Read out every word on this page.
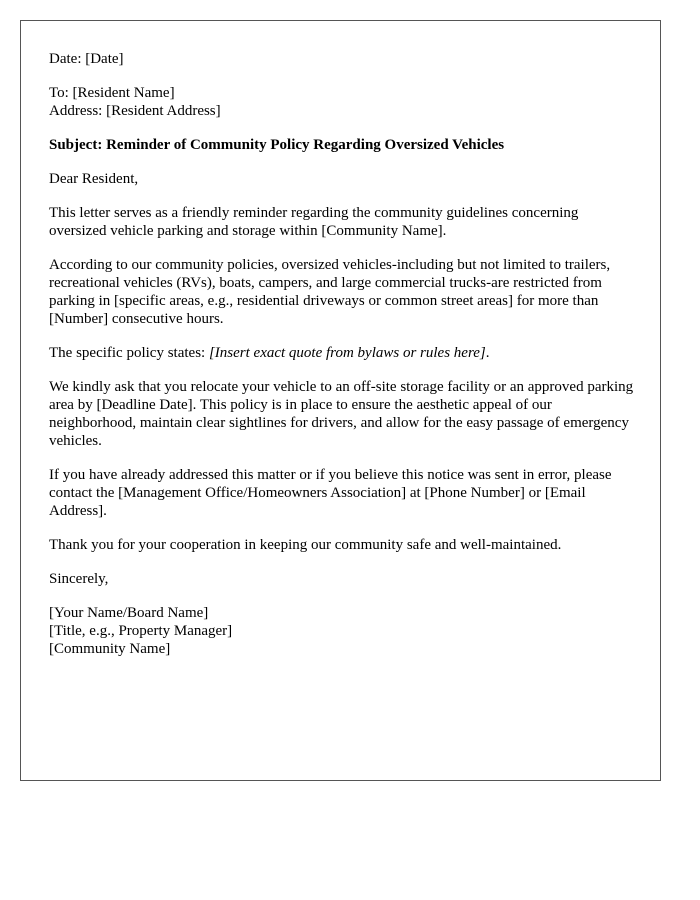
Date: [Date]

To: [Resident Name]
Address: [Resident Address]

Subject: Reminder of Community Policy Regarding Oversized Vehicles

Dear Resident,

This letter serves as a friendly reminder regarding the community guidelines concerning oversized vehicle parking and storage within [Community Name].

According to our community policies, oversized vehicles-including but not limited to trailers, recreational vehicles (RVs), boats, campers, and large commercial trucks-are restricted from parking in [specific areas, e.g., residential driveways or common street areas] for more than [Number] consecutive hours.

The specific policy states: [Insert exact quote from bylaws or rules here].

We kindly ask that you relocate your vehicle to an off-site storage facility or an approved parking area by [Deadline Date]. This policy is in place to ensure the aesthetic appeal of our neighborhood, maintain clear sightlines for drivers, and allow for the easy passage of emergency vehicles.

If you have already addressed this matter or if you believe this notice was sent in error, please contact the [Management Office/Homeowners Association] at [Phone Number] or [Email Address].

Thank you for your cooperation in keeping our community safe and well-maintained.

Sincerely,

[Your Name/Board Name]
[Title, e.g., Property Manager]
[Community Name]
